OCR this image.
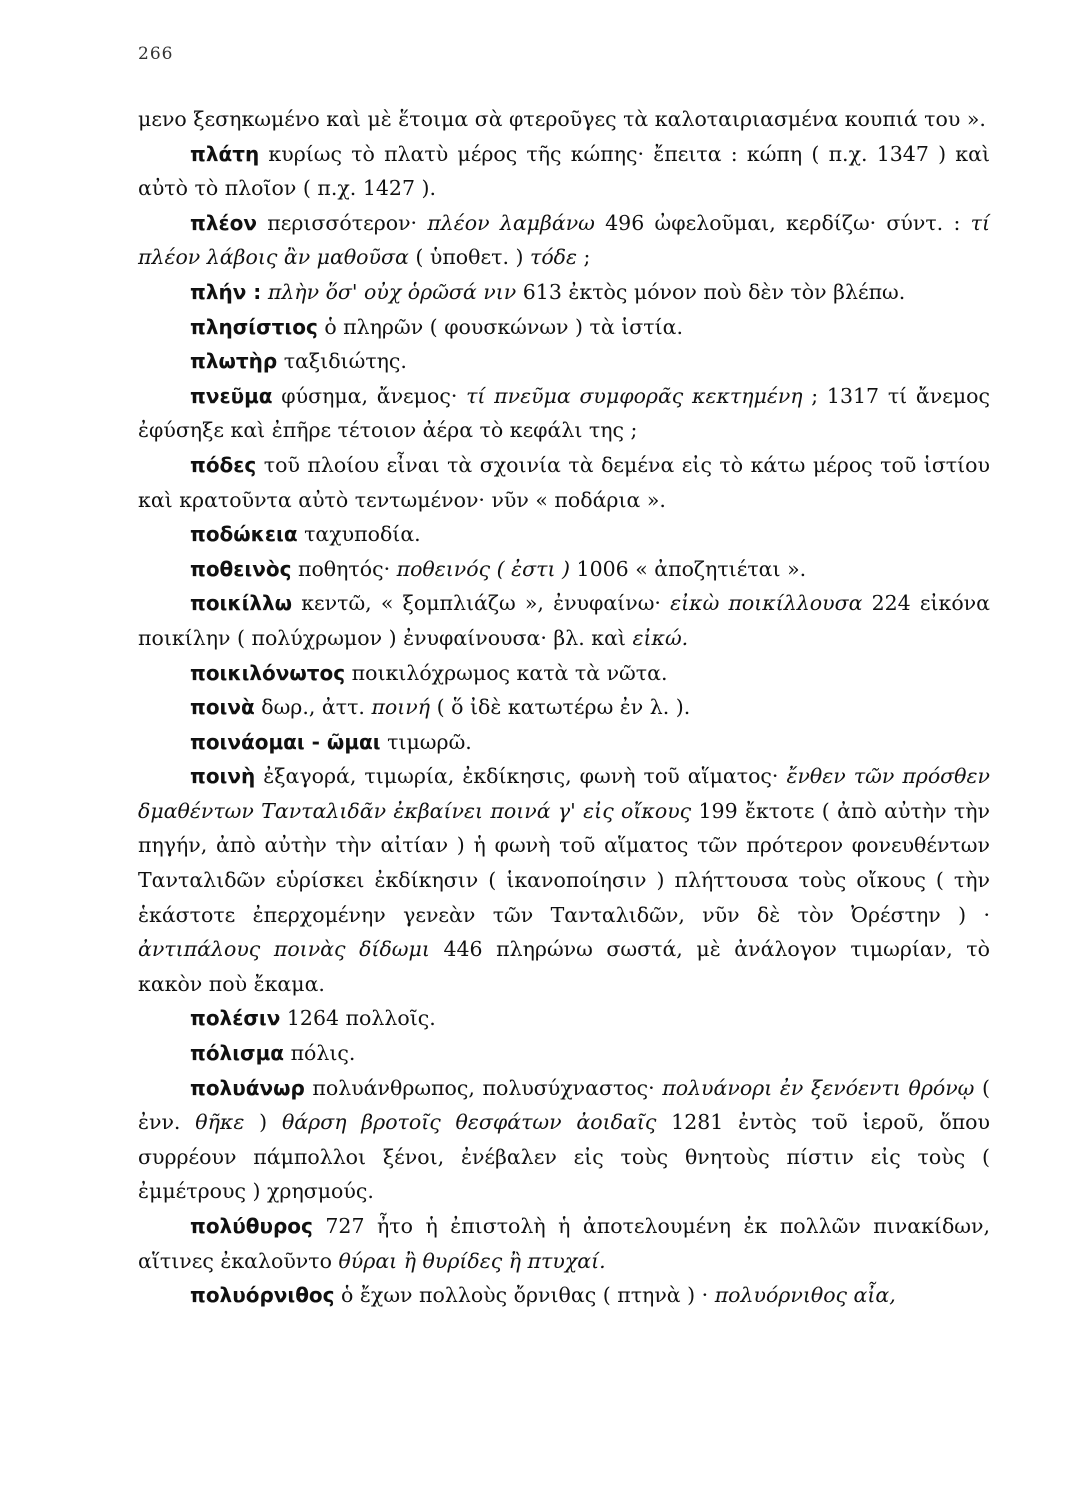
266

μενο ξεσηκωμένο καὶ μὲ ἕτοιμα σὰ φτεροῦγες τὰ καλοταιριασμένα κουπιά του ».

πλάτη κυρίως τὸ πλατὺ μέρος τῆς κώπης· ἔπειτα : κώπη ( π.χ. 1347 ) καὶ αὐτὸ τὸ πλοῖον ( π.χ. 1427 ).

πλέον περισσότερον· πλέον λαμβάνω 496 ὠφελοῦμαι, κερδίζω· σύντ. : τί πλέον λάβοις ἂν μαθοῦσα ( ὑποθετ. ) τόδε ;

πλήν : πλὴν ὅσ' οὐχ ὁρῶσά νιν 613 ἐκτὸς μόνον ποὺ δὲν τὸν βλέπω.

πλησίστιος ὁ πληρῶν ( φουσκώνων ) τὰ ἱστία.

πλωτὴρ ταξιδιώτης.

πνεῦμα φύσημα, ἄνεμος· τί πνεῦμα συμφορᾶς κεκτημένη ; 1317 τί ἄνεμος ἐφύσηξε καὶ ἐπῆρε τέτοιον ἀέρα τὸ κεφάλι της ;

πόδες τοῦ πλοίου εἶναι τὰ σχοινία τὰ δεμένα εἰς τὸ κάτω μέρος τοῦ ἱστίου καὶ κρατοῦντα αὐτὸ τεντωμένον· νῦν « ποδάρια ».

ποδώκεια ταχυποδία.

ποθεινὸς ποθητός· ποθεινός ( ἐστι ) 1006 « ἀποζητιέται ».

ποικίλλω κεντῶ, « ξομπλιάζω », ἐνυφαίνω· εἰκὼ ποικίλλουσα 224 εἰκόνα ποικίλην ( πολύχρωμον ) ἐνυφαίνουσα· βλ. καὶ εἰκώ.

ποικιλόνωτος ποικιλόχρωμος κατὰ τὰ νῶτα.

ποινὰ δωρ., ἀττ. ποινή ( ὅ ἰδὲ κατωτέρω ἐν λ. ).

ποινάομαι - ῶμαι τιμωρῶ.

ποινὴ ἐξαγορά, τιμωρία, ἐκδίκησις, φωνὴ τοῦ αἵματος· ἔνθεν τῶν πρόσθεν δμαθέντων Τανταλιδᾶν ἐκβαίνει ποινά γ' εἰς οἴκους 199 ἔκτοτε ( ἀπὸ αὐτὴν τὴν πηγήν, ἀπὸ αὐτὴν τὴν αἰτίαν ) ἡ φωνὴ τοῦ αἵματος τῶν πρότερον φονευθέντων Τανταλιδῶν εὑρίσκει ἐκδίκησιν ( ἱκανοποίησιν ) πλήττουσα τοὺς οἴκους ( τὴν ἑκάστοτε ἐπερχομένην γενεὰν τῶν Τανταλιδῶν, νῦν δὲ τὸν Ὀρέστην ) · ἀντιπάλους ποινὰς δίδωμι 446 πληρώνω σωστά, μὲ ἀνάλογον τιμωρίαν, τὸ κακὸν ποὺ ἔκαμα.

πολέσιν 1264 πολλοῖς.

πόλισμα πόλις.

πολυάνωρ πολυάνθρωπος, πολυσύχναστος· πολυάνορι ἐν ξενόεντι θρόνῳ ( ἐνν. θῆκε ) θάρση βροτοῖς θεσφάτων ἀοιδαῖς 1281 ἐντὸς τοῦ ἱεροῦ, ὅπου συρρέουν πάμπολλοι ξένοι, ἐνέβαλεν εἰς τοὺς θνητοὺς πίστιν εἰς τοὺς ( ἐμμέτρους ) χρησμούς.

πολύθυρος 727 ἦτο ἡ ἐπιστολὴ ἡ ἀποτελουμένη ἐκ πολλῶν πινακίδων, αἵτινες ἐκαλοῦντο θύραι ἢ θυρίδες ἢ πτυχαί.

πολυόρνιθος ὁ ἔχων πολλοὺς ὄρνιθας ( πτηνὰ ) · πολυόρνιθος αἶα,
